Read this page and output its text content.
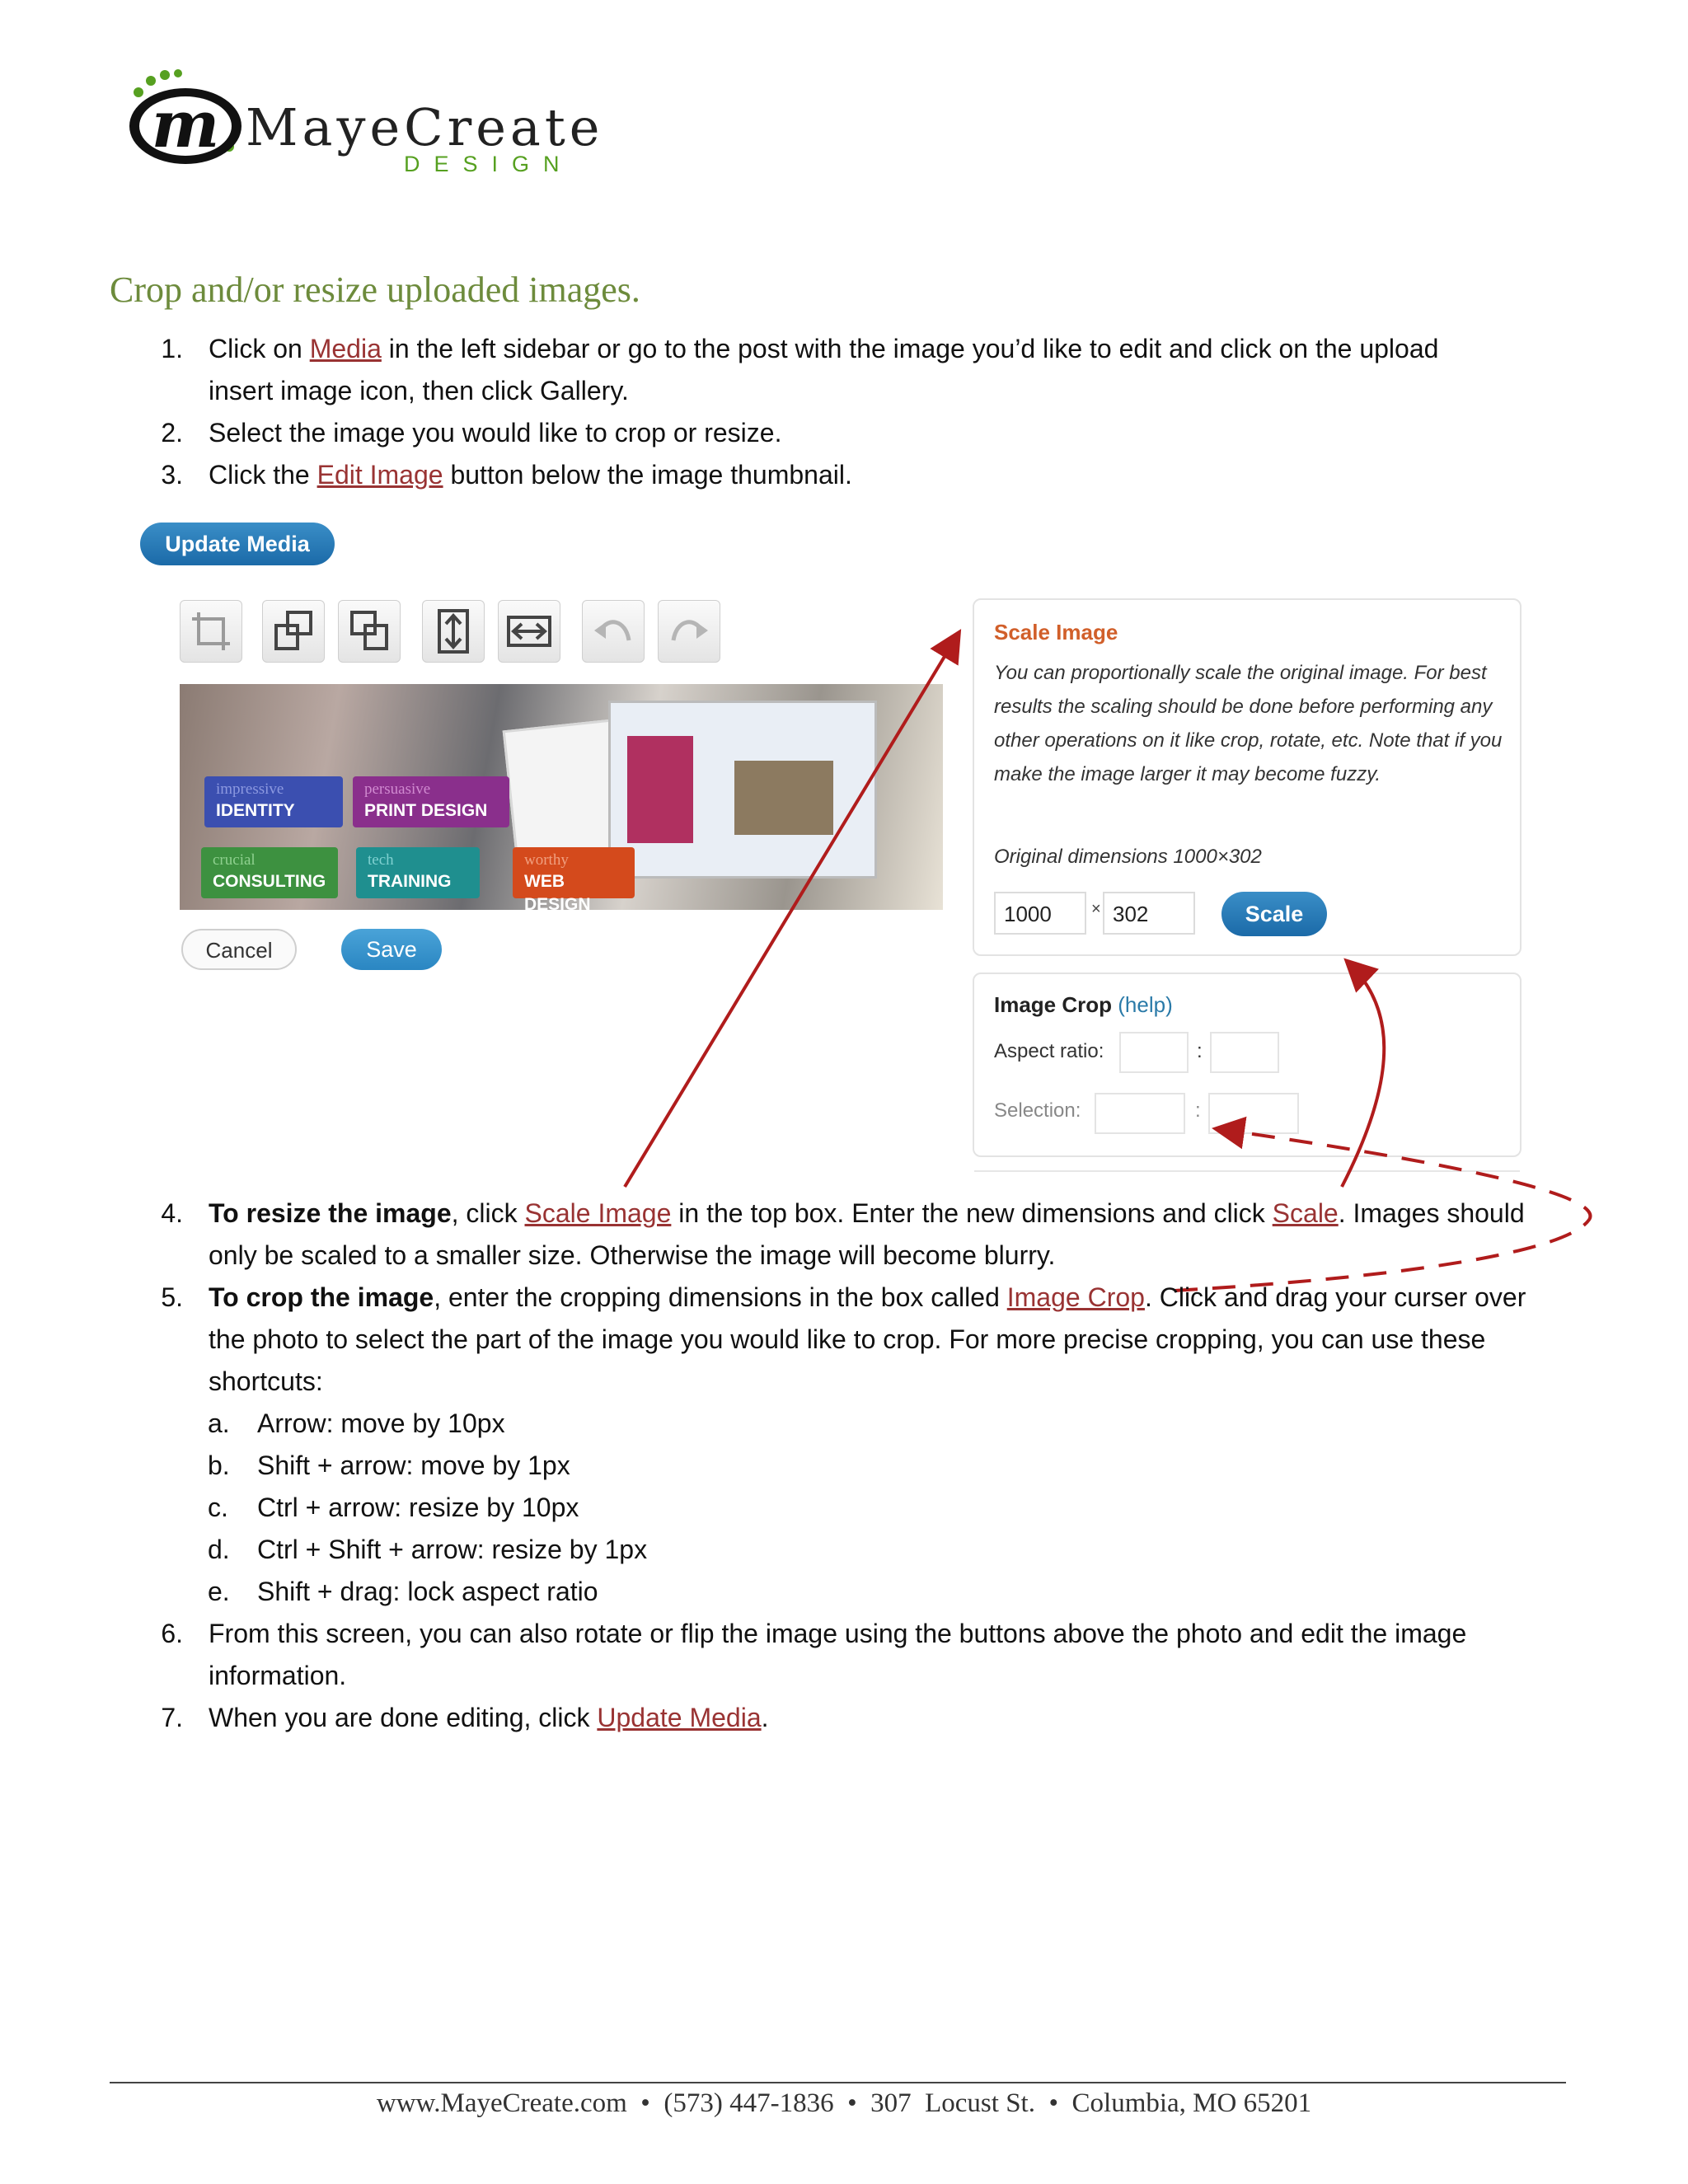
m MayeCreate
DESIGN
Crop and/or resize uploaded images.
1. Click on Media in the left sidebar or go to the post with the image you’d like to edit and click on the upload
insert image icon, then click Gallery.
2. Select the image you would like to crop or resize.
3. Click the Edit Image button below the image thumbnail.
Update Media
impressive
IDENTITY
persuasive
PRINT DESIGN
crucial
CONSULTING
tech
TRAINING
worthy
WEB DESIGN
Cancel	Save
Scale Image
You can proportionally scale the original image. For best results the scaling should be done before performing any other operations on it like crop, rotate, etc. Note that if you make the image larger it may become fuzzy.
Original dimensions 1000×302
1000	× 302	Scale
Image Crop (help)
Aspect ratio:	:
Selection:	:
4. To resize the image, click Scale Image in the top box. Enter the new dimensions and click Scale. Images should
only be scaled to a smaller size. Otherwise the image will become blurry.
5. To crop the image, enter the cropping dimensions in the box called Image Crop. Click and drag your curser over
the photo to select the part of the image you would like to crop. For more precise cropping, you can use these
shortcuts:
a. Arrow: move by 10px
b. Shift + arrow: move by 1px
c. Ctrl + arrow: resize by 10px
d. Ctrl + Shift + arrow: resize by 1px
e. Shift + drag: lock aspect ratio
6. From this screen, you can also rotate or flip the image using the buttons above the photo and edit the image
information.
7. When you are done editing, click Update Media.
www.MayeCreate.com  •  (573) 447-1836  •  307  Locust St.  •  Columbia, MO 65201
